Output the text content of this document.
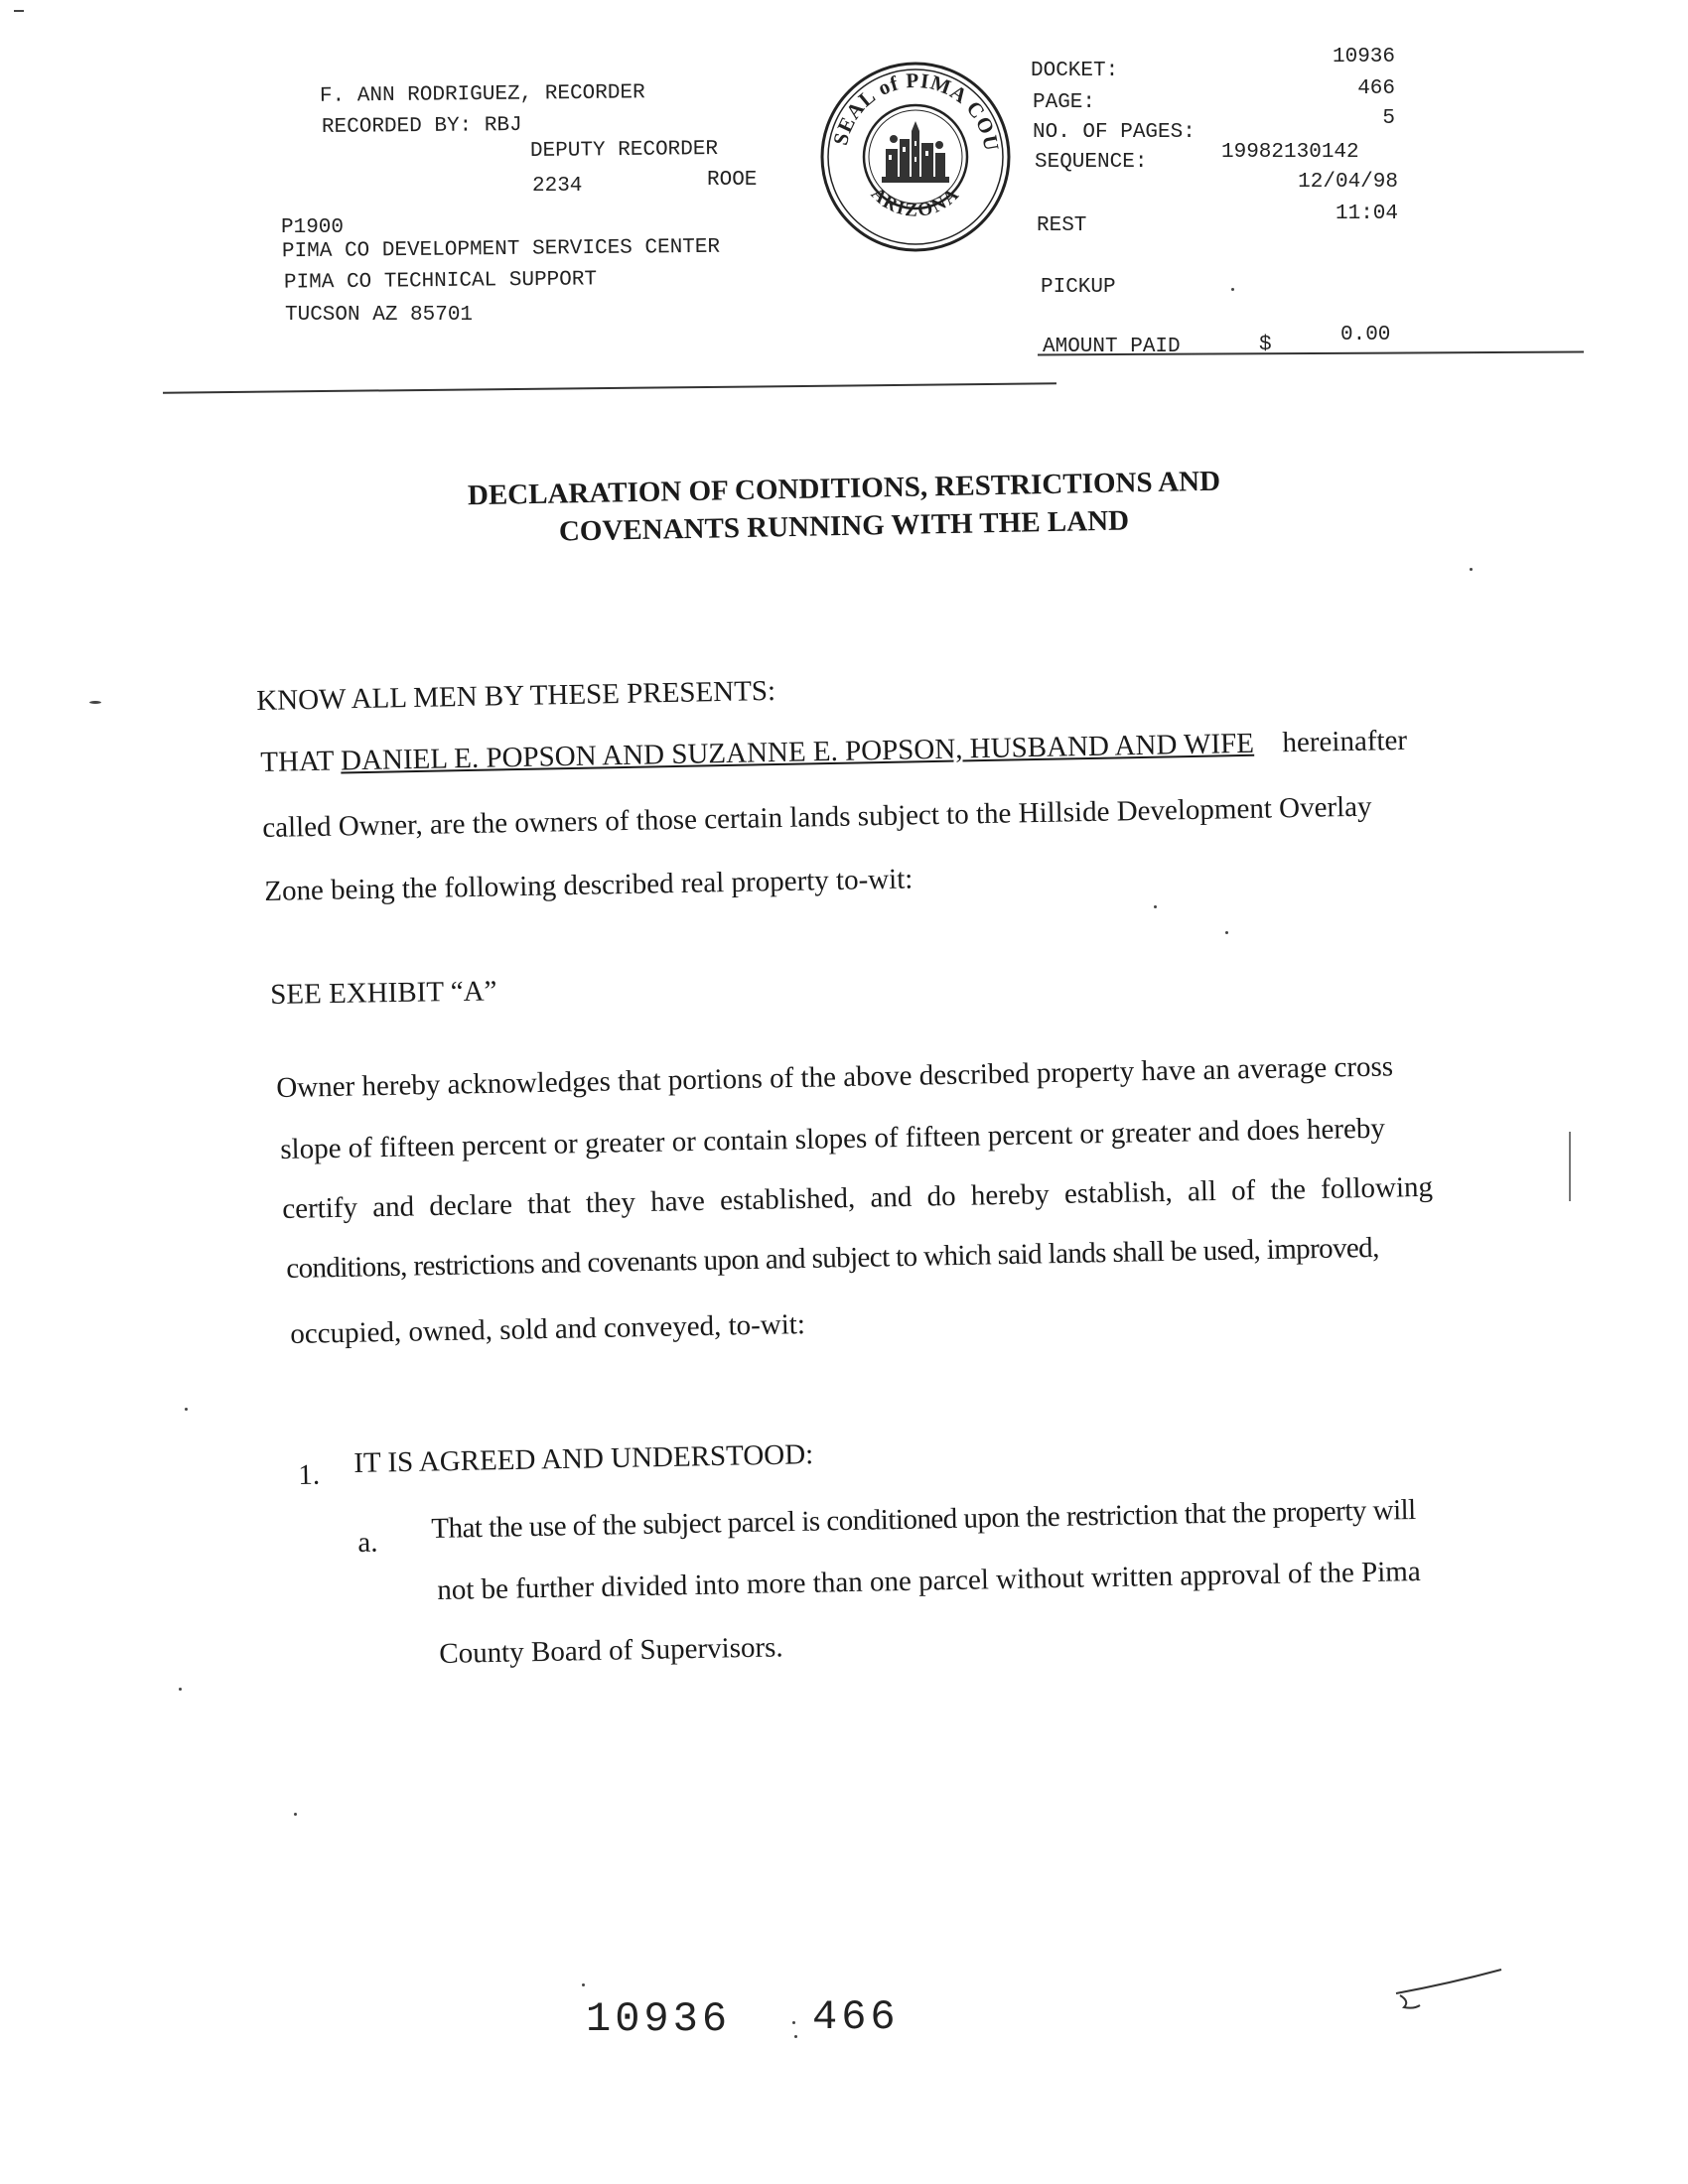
F. ANN RODRIGUEZ, RECORDER
RECORDED BY: RBJ
DEPUTY RECORDER
2234	ROOE
P1900
PIMA CO DEVELOPMENT SERVICES CENTER
PIMA CO TECHNICAL SUPPORT
TUCSON AZ 85701
DOCKET:
10936
PAGE:
466
NO. OF PAGES:
5
SEQUENCE:	19982130142
12/04/98
REST
11:04
PICKUP
AMOUNT PAID	$	0.00
SEAL of PIMA COU
ARIZONA
DECLARATION OF CONDITIONS, RESTRICTIONS AND
COVENANTS RUNNING WITH THE LAND
KNOW ALL MEN BY THESE PRESENTS:
THAT DANIEL E. POPSON AND SUZANNE E. POPSON, HUSBAND AND WIFE hereinafter
called Owner, are the owners of those certain lands subject to the Hillside Development Overlay
Zone being the following described real property to-wit:
SEE EXHIBIT “A”
Owner hereby acknowledges that portions of the above described property have an average cross
slope of fifteen percent or greater or contain slopes of fifteen percent or greater and does hereby
certify and declare that they have established, and do hereby establish, all of the following
conditions, restrictions and covenants upon and subject to which said lands shall be used, improved,
occupied, owned, sold and conveyed, to-wit:
1. IT IS AGREED AND UNDERSTOOD:
a. That the use of the subject parcel is conditioned upon the restriction that the property will
not be further divided into more than one parcel without written approval of the Pima
County Board of Supervisors.
10936 466
